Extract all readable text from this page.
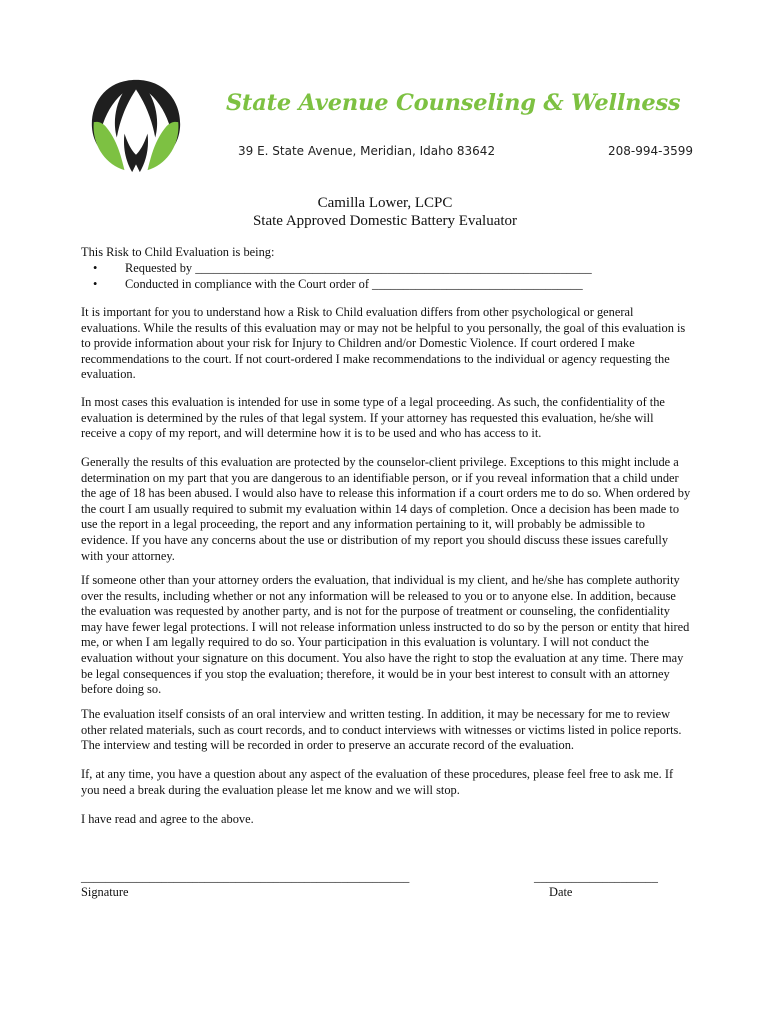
State Avenue Counseling & Wellness
39 E. State Avenue, Meridian, Idaho 83642	208-994-3599
Camilla Lower, LCPC
State Approved Domestic Battery Evaluator
This Risk to Child Evaluation is being:
• Requested by ________________________________________________________________
• Conducted in compliance with the Court order of __________________________________

It is important for you to understand how a Risk to Child evaluation differs from other psychological or general evaluations. While the results of this evaluation may or may not be helpful to you personally, the goal of this evaluation is to provide information about your risk for Injury to Children and/or Domestic Violence. If court ordered I make recommendations to the court. If not court-ordered I make recommendations to the individual or agency requesting the evaluation.

In most cases this evaluation is intended for use in some type of a legal proceeding. As such, the confidentiality of the evaluation is determined by the rules of that legal system. If your attorney has requested this evaluation, he/she will receive a copy of my report, and will determine how it is to be used and who has access to it.

Generally the results of this evaluation are protected by the counselor-client privilege. Exceptions to this might include a determination on my part that you are dangerous to an identifiable person, or if you reveal information that a child under the age of 18 has been abused. I would also have to release this information if a court orders me to do so. When ordered by the court I am usually required to submit my evaluation within 14 days of completion. Once a decision has been made to use the report in a legal proceeding, the report and any information pertaining to it, will probably be admissible to evidence. If you have any concerns about the use or distribution of my report you should discuss these issues carefully with your attorney.

If someone other than your attorney orders the evaluation, that individual is my client, and he/she has complete authority over the results, including whether or not any information will be released to you or to anyone else. In addition, because the evaluation was requested by another party, and is not for the purpose of treatment or counseling, the confidentiality may have fewer legal protections. I will not release information unless instructed to do so by the person or entity that hired me, or when I am legally required to do so. Your participation in this evaluation is voluntary. I will not conduct the evaluation without your signature on this document. You also have the right to stop the evaluation at any time. There may be legal consequences if you stop the evaluation; therefore, it would be in your best interest to consult with an attorney before doing so.

The evaluation itself consists of an oral interview and written testing. In addition, it may be necessary for me to review other related materials, such as court records, and to conduct interviews with witnesses or victims listed in police reports. The interview and testing will be recorded in order to preserve an accurate record of the evaluation.

If, at any time, you have a question about any aspect of the evaluation of these procedures, please feel free to ask me. If you need a break during the evaluation please let me know and we will stop.

I have read and agree to the above.

_____________________________________________________	____________________
Signature	Date
